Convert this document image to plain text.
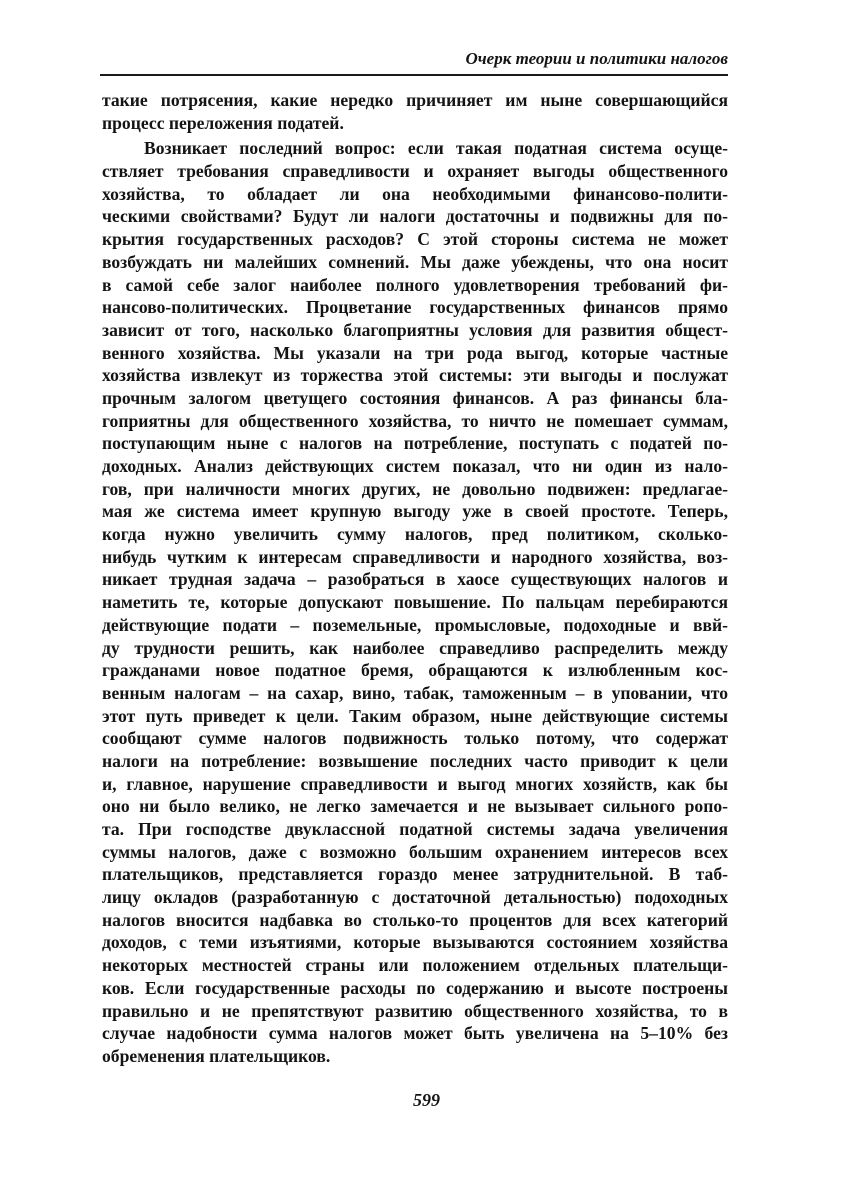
Очерк теории и политики налогов
такие потрясения, какие нередко причиняет им ныне совершающийся
процесс переложения податей.
Возникает последний вопрос: если такая податная система осуще-
ствляет требования справедливости и охраняет выгоды общественного
хозяйства, то обладает ли она необходимыми финансово-полити-
ческими свойствами? Будут ли налоги достаточны и подвижны для по-
крытия государственных расходов? С этой стороны система не может
возбуждать ни малейших сомнений. Мы даже убеждены, что она носит
в самой себе залог наиболее полного удовлетворения требований фи-
нансово-политических. Процветание государственных финансов прямо
зависит от того, насколько благоприятны условия для развития общест-
венного хозяйства. Мы указали на три рода выгод, которые частные
хозяйства извлекут из торжества этой системы: эти выгоды и послужат
прочным залогом цветущего состояния финансов. А раз финансы бла-
гоприятны для общественного хозяйства, то ничто не помешает суммам,
поступающим ныне с налогов на потребление, поступать с податей по-
доходных. Анализ действующих систем показал, что ни один из нало-
гов, при наличности многих других, не довольно подвижен: предлагае-
мая же система имеет крупную выгоду уже в своей простоте. Теперь,
когда нужно увеличить сумму налогов, пред политиком, сколько-
нибудь чутким к интересам справедливости и народного хозяйства, воз-
никает трудная задача – разобраться в хаосе существующих налогов и
наметить те, которые допускают повышение. По пальцам перебираются
действующие подати – поземельные, промысловые, подоходные и ввй-
ду трудности решить, как наиболее справедливо распределить между
гражданами новое податное бремя, обращаются к излюбленным кос-
венным налогам – на сахар, вино, табак, таможенным – в уповании, что
этот путь приведет к цели. Таким образом, ныне действующие системы
сообщают сумме налогов подвижность только потому, что содержат
налоги на потребление: возвышение последних часто приводит к цели
и, главное, нарушение справедливости и выгод многих хозяйств, как бы
оно ни было велико, не легко замечается и не вызывает сильного ропо-
та. При господстве двуклассной податной системы задача увеличения
суммы налогов, даже с возможно большим охранением интересов всех
плательщиков, представляется гораздо менее затруднительной. В таб-
лицу окладов (разработанную с достаточной детальностью) подоходных
налогов вносится надбавка во столько-то процентов для всех категорий
доходов, с теми изъятиями, которые вызываются состоянием хозяйства
некоторых местностей страны или положением отдельных плательщи-
ков. Если государственные расходы по содержанию и высоте построены
правильно и не препятствуют развитию общественного хозяйства, то в
случае надобности сумма налогов может быть увеличена на 5–10% без
обременения плательщиков.
599
